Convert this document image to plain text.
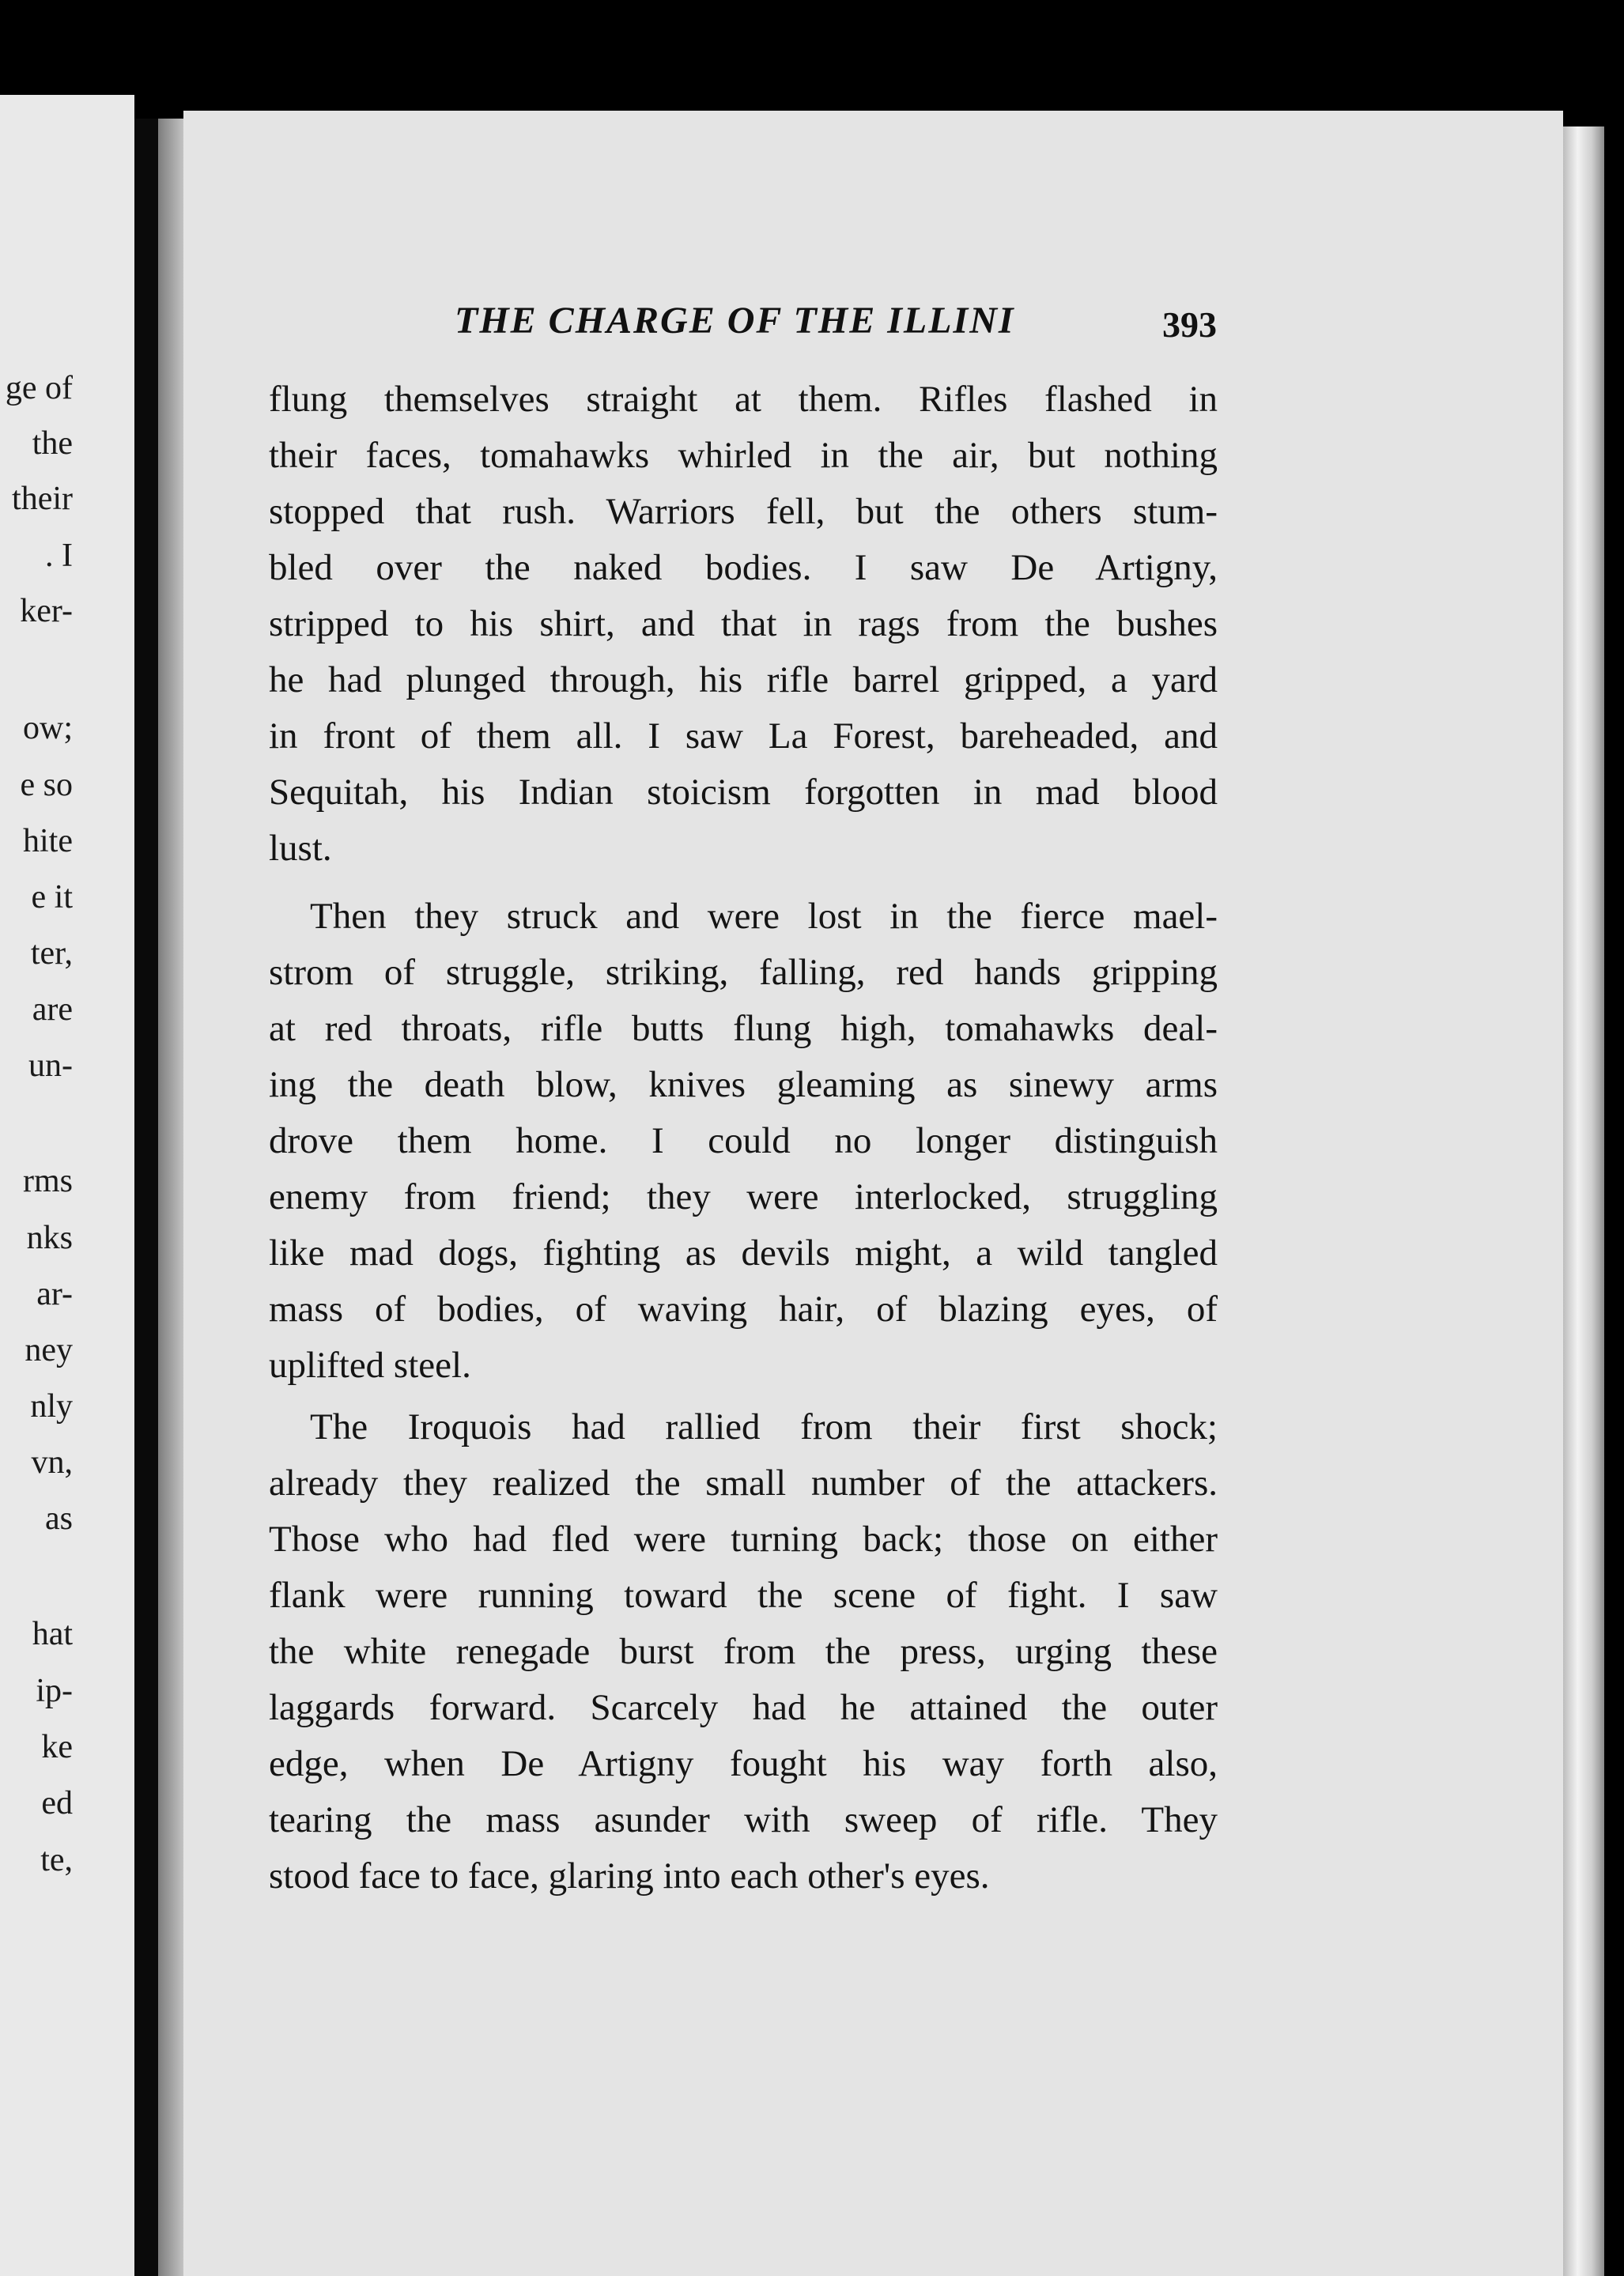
ge of
the
their
. I
ker-
ow;
e so
hite
e it
ter,
are
un-
rms
nks
ar-
ney
nly
vn,
as
hat
ip-
ke
ed
te,
THE CHARGE OF THE ILLINI	393
flung themselves straight at them. Rifles flashed in
their faces, tomahawks whirled in the air, but nothing
stopped that rush. Warriors fell, but the others stum-
bled over the naked bodies. I saw De Artigny,
stripped to his shirt, and that in rags from the bushes
he had plunged through, his rifle barrel gripped, a yard
in front of them all. I saw La Forest, bareheaded, and
Sequitah, his Indian stoicism forgotten in mad blood
lust.
Then they struck and were lost in the fierce mael-
strom of struggle, striking, falling, red hands gripping
at red throats, rifle butts flung high, tomahawks deal-
ing the death blow, knives gleaming as sinewy arms
drove them home. I could no longer distinguish
enemy from friend; they were interlocked, struggling
like mad dogs, fighting as devils might, a wild tangled
mass of bodies, of waving hair, of blazing eyes, of
uplifted steel.
The Iroquois had rallied from their first shock;
already they realized the small number of the attackers.
Those who had fled were turning back; those on either
flank were running toward the scene of fight. I saw
the white renegade burst from the press, urging these
laggards forward. Scarcely had he attained the outer
edge, when De Artigny fought his way forth also,
tearing the mass asunder with sweep of rifle. They
stood face to face, glaring into each other's eyes.
